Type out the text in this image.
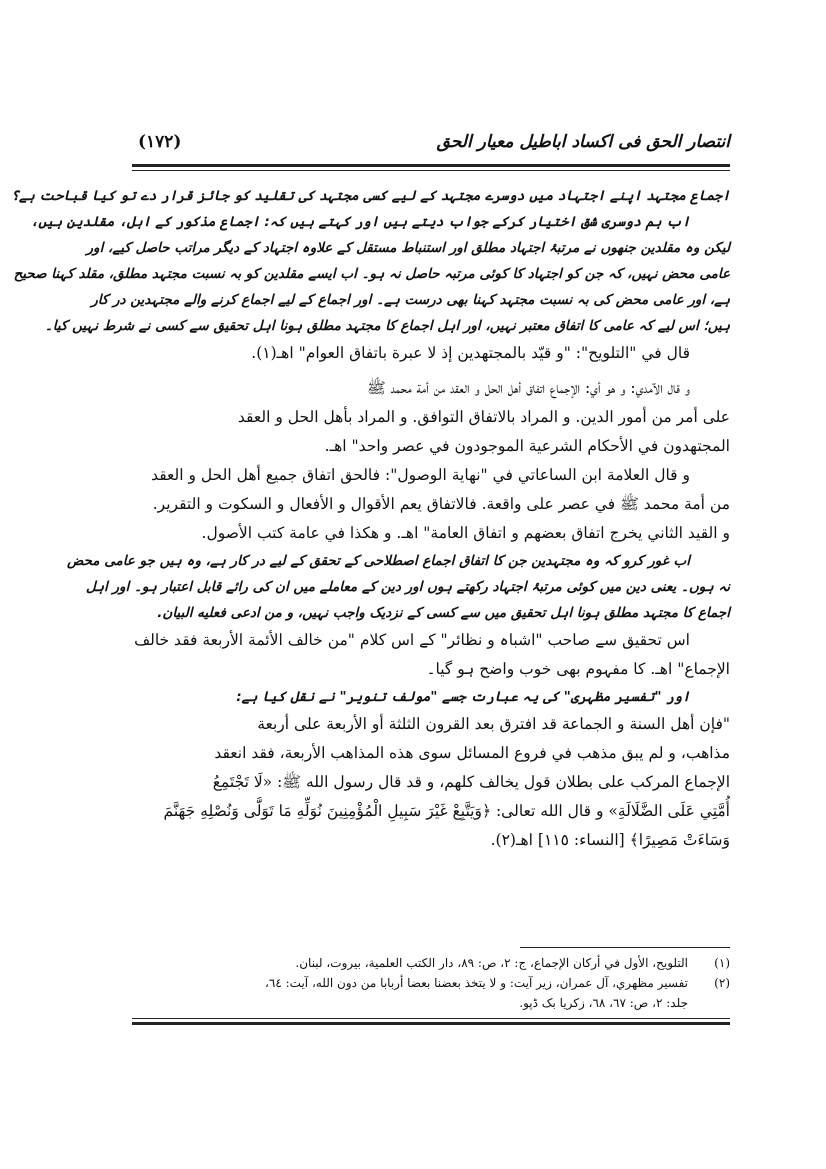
انتصار الحق فی اکساد اباطیل معیار الحق
(۱۷۲)
اجماع مجتہد اپنے اجتہاد میں دوسرے مجتہد کے لیے کسی مجتہد کی تقلید کو جائز قرار دے تو کیا قباحت ہے؟
اب ہم دوسری شق اختیار کرکے جواب دیتے ہیں اور کہتے ہیں کہ: اجماع مذکور کے اہل، مقلدین ہیں،
لیکن وہ مقلدین جنھوں نے مرتبۂ اجتہاد مطلق اور استنباط مستقل کے علاوہ اجتہاد کے دیگر مراتب حاصل کیے، اور
عامی محض نہیں، کہ جن کو اجتہاد کا کوئی مرتبہ حاصل نہ ہو۔ اب ایسے مقلدین کو بہ نسبت مجتہد مطلق، مقلد کہنا صحیح
ہے، اور عامی محض کی بہ نسبت مجتہد کہنا بھی درست ہے۔ اور اجماع کے لیے اجماع کرنے والے مجتہدین در کار
ہیں؛ اس لیے کہ عامی کا اتفاق معتبر نہیں، اور اہل اجماع کا مجتہد مطلق ہونا اہل تحقیق سے کسی نے شرط نہیں کیا۔
قال في "التلويح": "و قيّد بالمجتهدين إذ لا عبرة باتفاق العوام" اهـ(١).
و قال الآمدي: و هو أي: الإجماع اتفاق أهل الحل و العقد من أمة محمد ﷺ
على أمر من أمور الدين. و المراد بالاتفاق التوافق. و المراد بأهل الحل و العقد
المجتهدون في الأحكام الشرعية الموجودون في عصر واحد" اهـ.
و قال العلامة ابن الساعاتي في "نهاية الوصول": فالحق اتفاق جميع أهل الحل و العقد
من أمة محمد ﷺ في عصر على واقعة. فالاتفاق يعم الأقوال و الأفعال و السكوت و التقرير.
و القيد الثاني يخرج اتفاق بعضهم و اتفاق العامة" اهـ. و هكذا في عامة كتب الأصول.
اب غور کرو کہ وہ مجتہدین جن کا اتفاق اجماع اصطلاحی کے تحقق کے لیے در کار ہے، وہ ہیں جو عامی محض
نہ ہوں۔ یعنی دین میں کوئی مرتبۂ اجتہاد رکھتے ہوں اور دین کے معاملے میں ان کی رائے قابل اعتبار ہو۔ اور اہل
اجماع کا مجتہد مطلق ہونا اہل تحقیق میں سے کسی کے نزدیک واجب نہیں، و من ادعى فعليه البيان.
اس تحقیق سے صاحب "اشباہ و نظائر" کے اس کلام "من خالف الأئمة الأربعة فقد خالف
الإجماع" اهـ. کا مفہوم بھی خوب واضح ہو گیا۔
اور "تفسیر مظہری" کی یہ عبارت جسے "مولف تنویر" نے نقل کیا ہے:
"فإن أهل السنة و الجماعة قد افترق بعد القرون الثلثة أو الأربعة على أربعة
مذاهب، و لم يبق مذهب في فروع المسائل سوى هذه المذاهب الأربعة، فقد انعقد
الإجماع المركب على بطلان قول يخالف كلهم، و قد قال رسول الله ﷺ: «لَا تَجْتَمِعُ
أُمَّتِي عَلَى الضَّلَالَةِ» و قال الله تعالى: ﴿وَيَتَّبِعْ غَيْرَ سَبِيلِ الْمُؤْمِنِينَ نُوَلِّهِ مَا تَوَلَّى وَنُصْلِهِ جَهَنَّمَ
وَسَاءَتْ مَصِيرًا﴾ [النساء: ١١٥] اهـ(٢).
(١)
التلويح، الأول في أركان الإجماع، ج: ٢، ص: ٨٩، دار الكتب العلمية، بيروت، لبنان.
(٢)
تفسير مظهري، آل عمران، زير آيت: و لا يتخذ بعضنا بعضا أربابا من دون الله، آيت: ٦٤،
جلد: ٢، ص: ٦٧، ٦٨، زکریا بک ڈپو.
